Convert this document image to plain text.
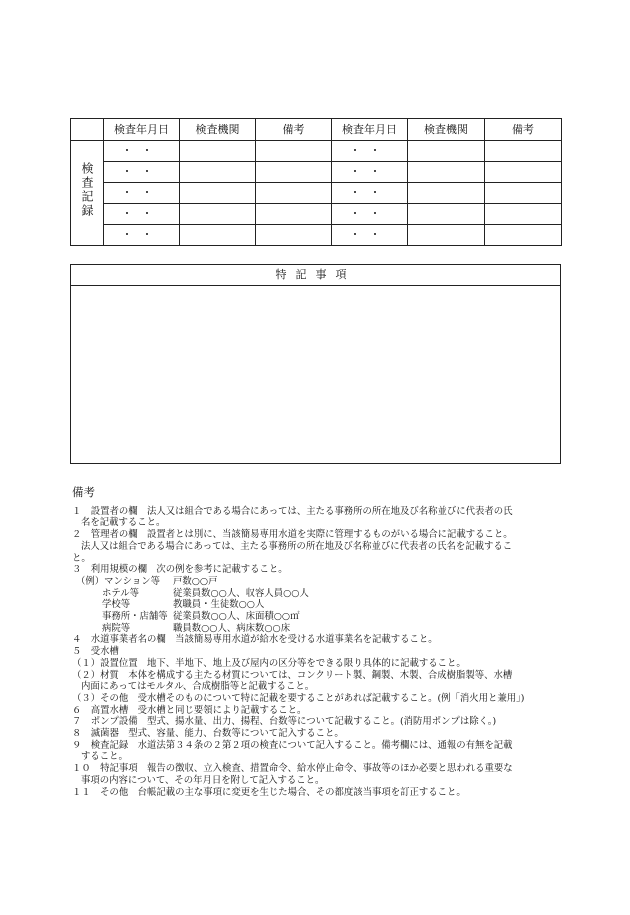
	検査年月日	検査機関	備考	検査年月日	検査機関	備考
検査記録	・・			・・		
	・・			・・		
	・・			・・		
	・・			・・		
	・・			・・		
特記事項
備考

１　設置者の欄　法人又は組合である場合にあっては、主たる事務所の所在地及び名称並びに代表者の氏

名を記載すること。

２　管理者の欄　設置者とは別に、当該簡易専用水道を実際に管理するものがいる場合に記載すること。

法人又は組合である場合にあっては、主たる事務所の所在地及び名称並びに代表者の氏名を記載するこ

と。

３　利用規模の欄　次の例を参考に記載すること。

（例）マンション等	戸数○○戸
ホテル等	従業員数○○人、収容人員○○人
学校等	教職員・生徒数○○人
事務所・店舗等 従業員数○○人、床面積○○㎡
病院等	職員数○○人、病床数○○床

４　水道事業者名の欄　当該簡易専用水道が給水を受ける水道事業名を記載すること。

５　受水槽

（１）設置位置　地下、半地下、地上及び屋内の区分等をできる限り具体的に記載すること。

（２）材質　本体を構成する主たる材質については、コンクリート製、鋼製、木製、合成樹脂製等、水槽

内面にあってはモルタル、合成樹脂等と記載すること。

（３）その他　受水槽そのものについて特に記載を要することがあれば記載すること。(例「消火用と兼用」)

６　高置水槽　受水槽と同じ要領により記載すること。

７　ポンプ設備　型式、揚水量、出力、揚程、台数等について記載すること。(消防用ポンプは除く。)

８　滅菌器　型式、容量、能力、台数等について記入すること。

９　検査記録　水道法第３４条の２第２項の検査について記入すること。備考欄には、通報の有無を記載

すること。

１０　特記事項　報告の徴収、立入検査、措置命令、給水停止命令、事故等のほか必要と思われる重要な

事項の内容について、その年月日を附して記入すること。

１１　その他　台帳記載の主な事項に変更を生じた場合、その都度該当事項を訂正すること。
